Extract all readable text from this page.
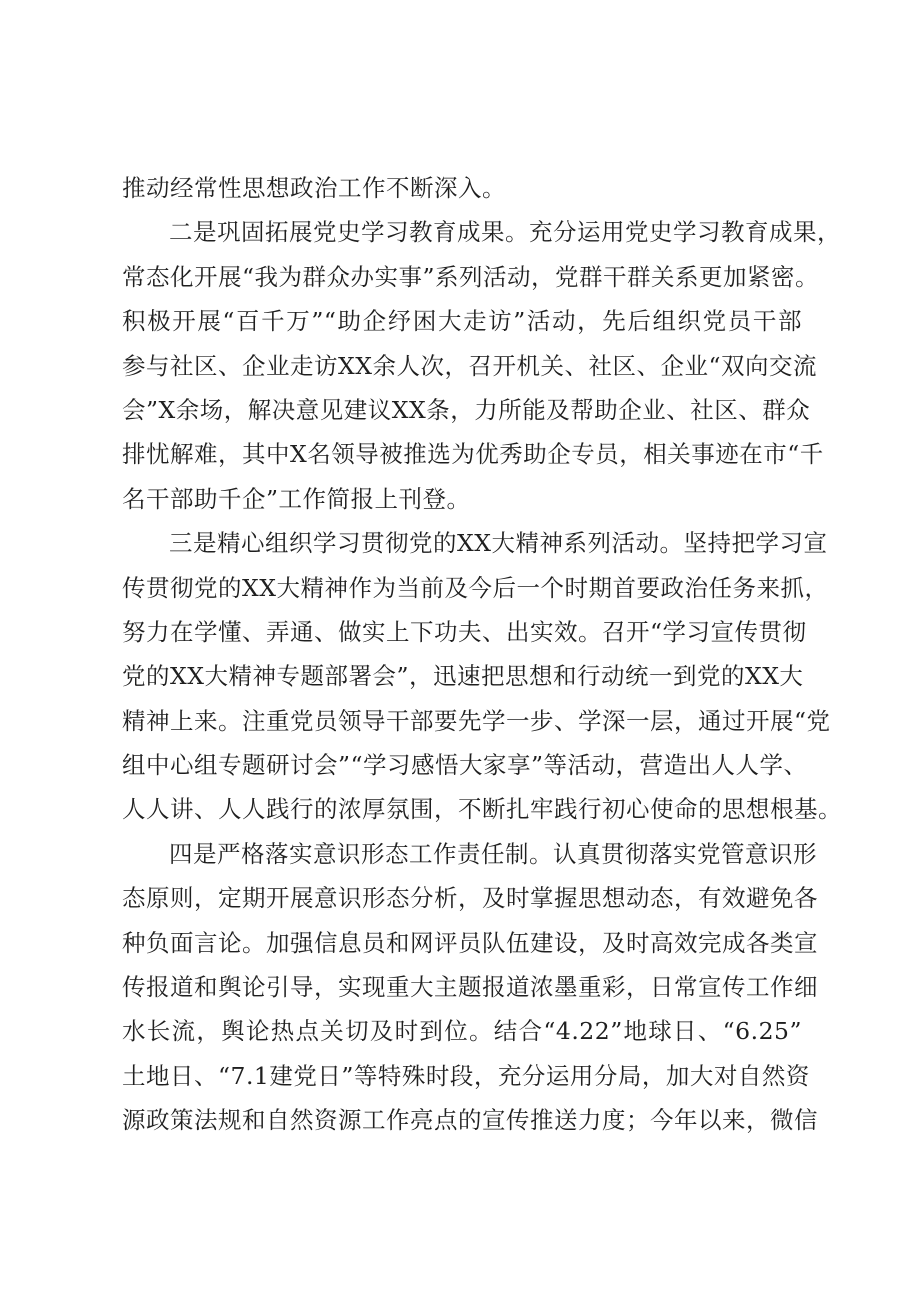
推动经常性思想政治工作不断深入。
二是巩固拓展党史学习教育成果。充分运用党史学习教育成果，
常态化开展“我为群众办实事”系列活动，党群干群关系更加紧密。
积极开展“百千万”“助企纾困大走访”活动，先后组织党员干部
参与社区、企业走访XX余人次，召开机关、社区、企业“双向交流
会”X余场，解决意见建议XX条，力所能及帮助企业、社区、群众
排忧解难，其中X名领导被推选为优秀助企专员，相关事迹在市“千
名干部助千企”工作简报上刊登。
三是精心组织学习贯彻党的XX大精神系列活动。坚持把学习宣
传贯彻党的XX大精神作为当前及今后一个时期首要政治任务来抓，
努力在学懂、弄通、做实上下功夫、出实效。召开“学习宣传贯彻
党的XX大精神专题部署会”，迅速把思想和行动统一到党的XX大
精神上来。注重党员领导干部要先学一步、学深一层，通过开展“党
组中心组专题研讨会”“学习感悟大家享”等活动，营造出人人学、
人人讲、人人践行的浓厚氛围，不断扎牢践行初心使命的思想根基。
四是严格落实意识形态工作责任制。认真贯彻落实党管意识形
态原则，定期开展意识形态分析，及时掌握思想动态，有效避免各
种负面言论。加强信息员和网评员队伍建设，及时高效完成各类宣
传报道和舆论引导，实现重大主题报道浓墨重彩，日常宣传工作细
水长流，舆论热点关切及时到位。结合“4.22”地球日、“6.25”
土地日、“7.1建党日”等特殊时段，充分运用分局，加大对自然资
源政策法规和自然资源工作亮点的宣传推送力度；今年以来，微信
